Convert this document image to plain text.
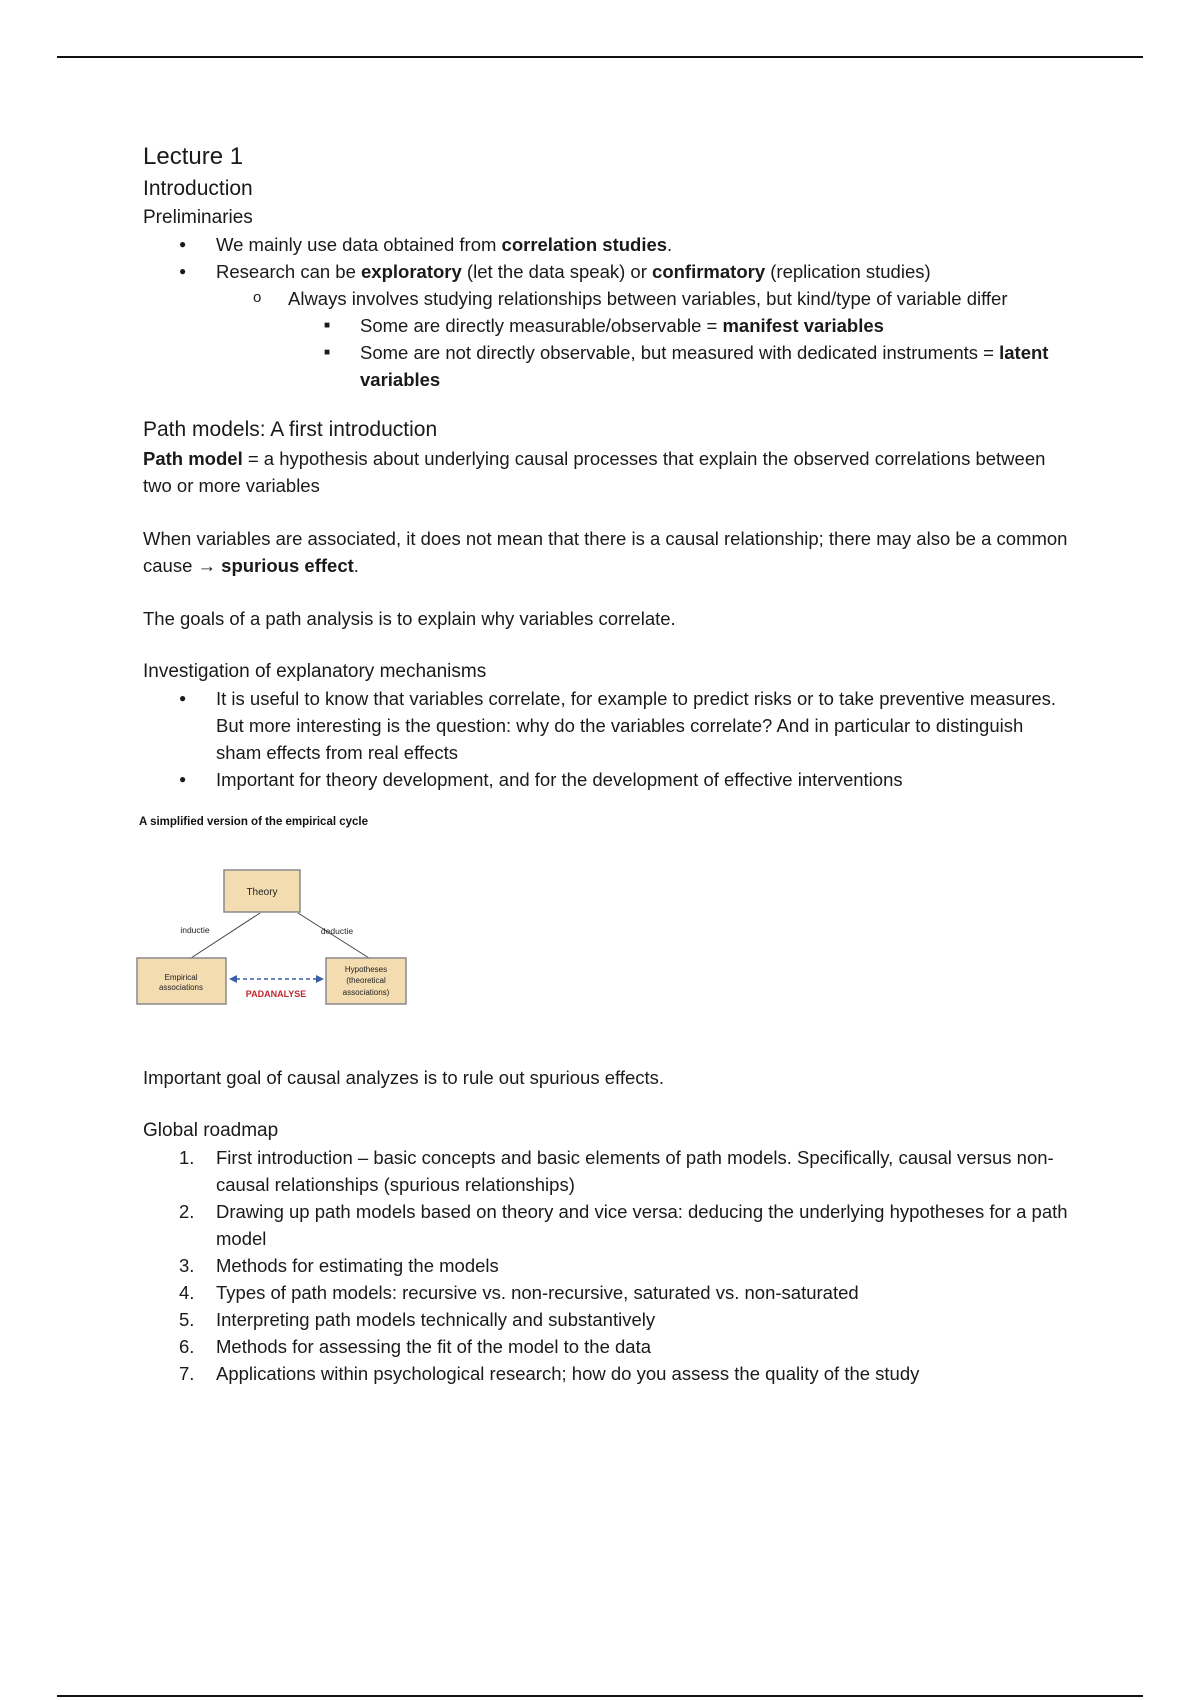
Lecture 1
Introduction
Preliminaries
● We mainly use data obtained from correlation studies.
● Research can be exploratory (let the data speak) or confirmatory (replication studies)
o Always involves studying relationships between variables, but kind/type of variable differ
■ Some are directly measurable/observable = manifest variables
■ Some are not directly observable, but measured with dedicated instruments = latent variables
Path models: A first introduction

Path model = a hypothesis about underlying causal processes that explain the observed correlations between two or more variables

When variables are associated, it does not mean that there is a causal relationship; there may also be a common cause → spurious effect.

The goals of a path analysis is to explain why variables correlate.

Investigation of explanatory mechanisms
● It is useful to know that variables correlate, for example to predict risks or to take preventive measures. But more interesting is the question: why do the variables correlate? And in particular to distinguish sham effects from real effects
● Important for theory development, and for the development of effective interventions
A simplified version of the empirical cycle
Theory
inductie	deductie
Empirical
associations
Hypotheses
(theoretical
associations)
PADANALYSE

Important goal of causal analyzes is to rule out spurious effects.

Global roadmap
1. First introduction – basic concepts and basic elements of path models. Specifically, causal versus non-causal relationships (spurious relationships)
2. Drawing up path models based on theory and vice versa: deducing the underlying hypotheses for a path model
3. Methods for estimating the models
4. Types of path models: recursive vs. non-recursive, saturated vs. non-saturated
5. Interpreting path models technically and substantively
6. Methods for assessing the fit of the model to the data
7. Applications within psychological research; how do you assess the quality of the study
